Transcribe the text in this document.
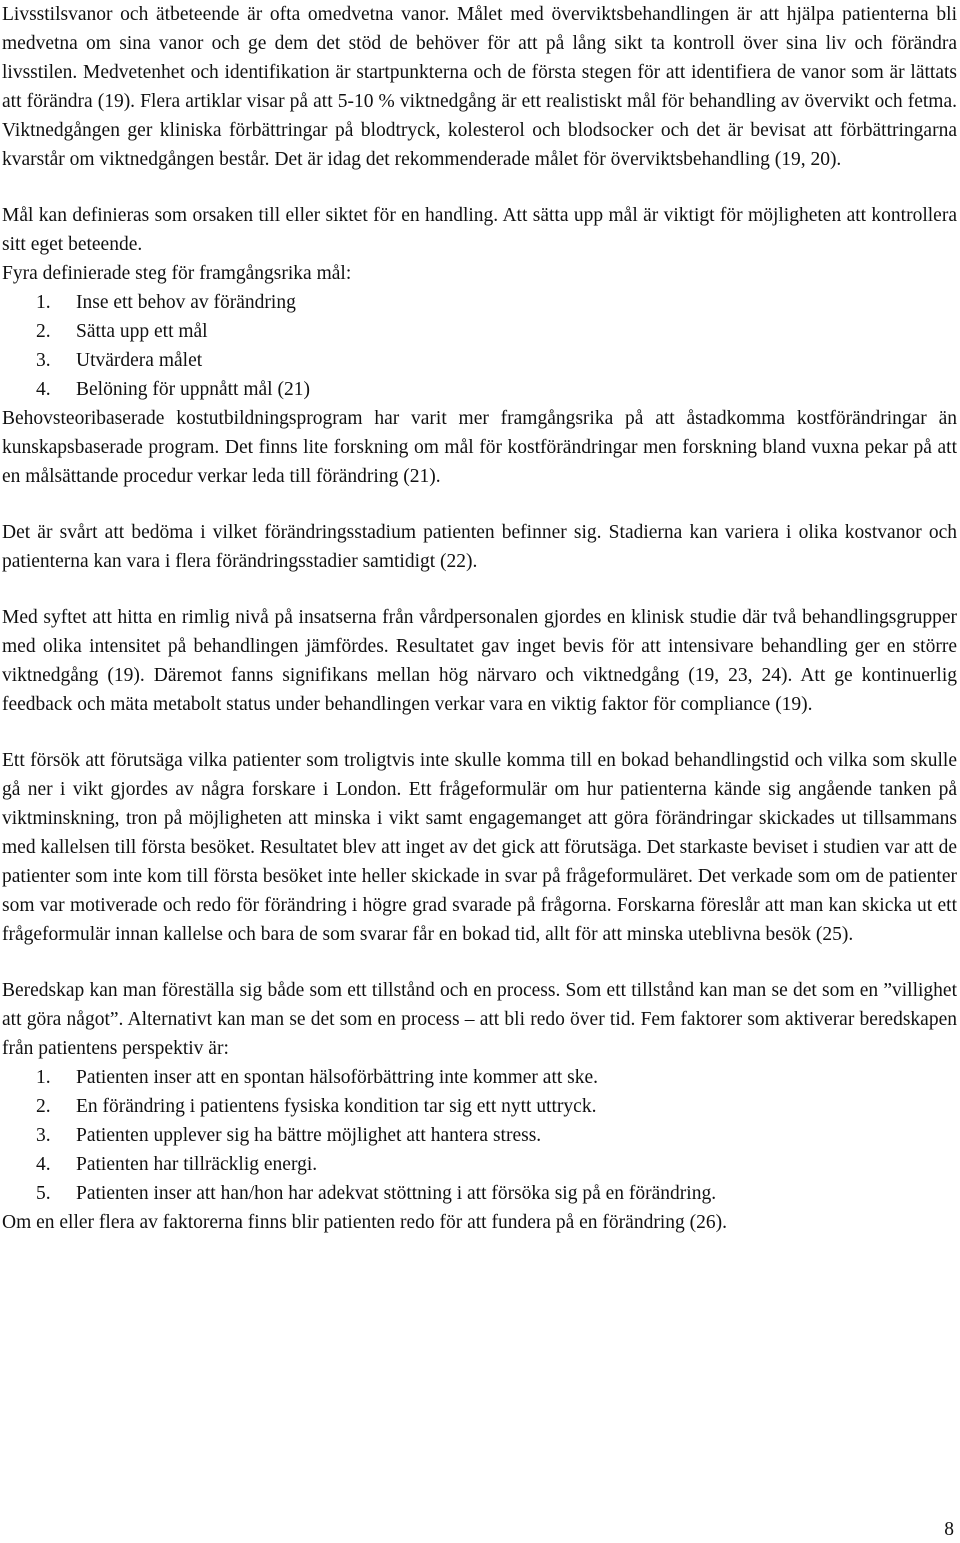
Livsstilsvanor och ätbeteende är ofta omedvetna vanor. Målet med överviktsbehandlingen är att hjälpa patienterna bli medvetna om sina vanor och ge dem det stöd de behöver för att på lång sikt ta kontroll över sina liv och förändra livsstilen. Medvetenhet och identifikation är startpunkterna och de första stegen för att identifiera de vanor som är lättats att förändra (19). Flera artiklar visar på att 5-10 % viktnedgång är ett realistiskt mål för behandling av övervikt och fetma. Viktnedgången ger kliniska förbättringar på blodtryck, kolesterol och blodsocker och det är bevisat att förbättringarna kvarstår om viktnedgången består. Det är idag det rekommenderade målet för överviktsbehandling (19, 20).

Mål kan definieras som orsaken till eller siktet för en handling. Att sätta upp mål är viktigt för möjligheten att kontrollera sitt eget beteende.

Fyra definierade steg för framgångsrika mål:

1.	Inse ett behov av förändring
2.	Sätta upp ett mål
3.	Utvärdera målet
4.	Belöning för uppnått mål (21)

Behovsteoribaserade kostutbildningsprogram har varit mer framgångsrika på att åstadkomma kostförändringar än kunskapsbaserade program. Det finns lite forskning om mål för kostförändringar men forskning bland vuxna pekar på att en målsättande procedur verkar leda till förändring (21).

Det är svårt att bedöma i vilket förändringsstadium patienten befinner sig. Stadierna kan variera i olika kostvanor och patienterna kan vara i flera förändringsstadier samtidigt (22).

Med syftet att hitta en rimlig nivå på insatserna från vårdpersonalen gjordes en klinisk studie där två behandlingsgrupper med olika intensitet på behandlingen jämfördes. Resultatet gav inget bevis för att intensivare behandling ger en större viktnedgång (19). Däremot fanns signifikans mellan hög närvaro och viktnedgång (19, 23, 24). Att ge kontinuerlig feedback och mäta metabolt status under behandlingen verkar vara en viktig faktor för compliance (19).

Ett försök att förutsäga vilka patienter som troligtvis inte skulle komma till en bokad behandlingstid och vilka som skulle gå ner i vikt gjordes av några forskare i London. Ett frågeformulär om hur patienterna kände sig angående tanken på viktminskning, tron på möjligheten att minska i vikt samt engagemanget att göra förändringar skickades ut tillsammans med kallelsen till första besöket. Resultatet blev att inget av det gick att förutsäga. Det starkaste beviset i studien var att de patienter som inte kom till första besöket inte heller skickade in svar på frågeformuläret. Det verkade som om de patienter som var motiverade och redo för förändring i högre grad svarade på frågorna. Forskarna föreslår att man kan skicka ut ett frågeformulär innan kallelse och bara de som svarar får en bokad tid, allt för att minska uteblivna besök (25).

Beredskap kan man föreställa sig både som ett tillstånd och en process. Som ett tillstånd kan man se det som en ”villighet att göra något”. Alternativt kan man se det som en process – att bli redo över tid. Fem faktorer som aktiverar beredskapen från patientens perspektiv är:

1.	Patienten inser att en spontan hälsoförbättring inte kommer att ske.
2.	En förändring i patientens fysiska kondition tar sig ett nytt uttryck.
3.	Patienten upplever sig ha bättre möjlighet att hantera stress.
4.	Patienten har tillräcklig energi.
5.	Patienten inser att han/hon har adekvat stöttning i att försöka sig på en förändring.

Om en eller flera av faktorerna finns blir patienten redo för att fundera på en förändring (26).

8
